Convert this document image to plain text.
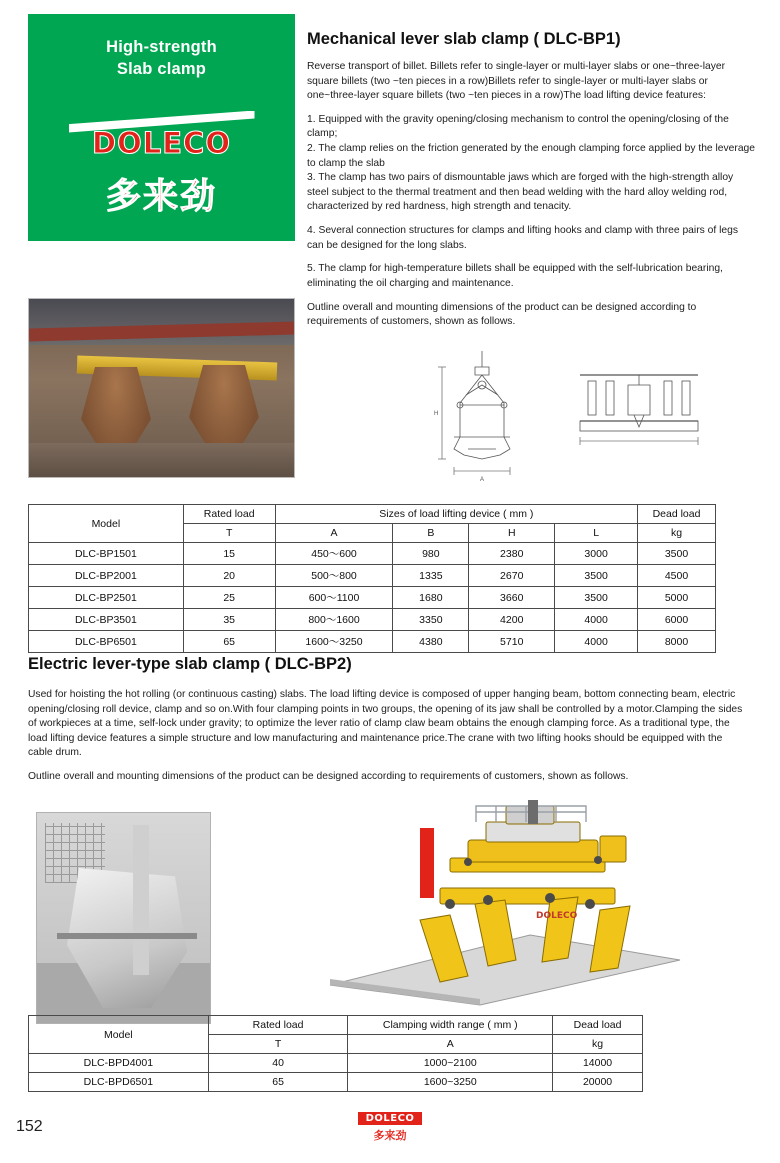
High-strength
Slab clamp
DOLECO
多来劲
Mechanical lever slab clamp ( DLC-BP1)

Reverse transport of billet. Billets refer to single-layer or multi-layer slabs or one~three-layer square billets (two ~ten pieces in a row)Billets refer to single-layer or multi-layer slabs or one~three-layer square billets (two ~ten pieces in a row)The load lifting device features:

1. Equipped with the gravity opening/closing mechanism to control the opening/closing of the clamp;

2. The clamp relies on the friction generated by the enough clamping force applied by the leverage to clamp the slab

3. The clamp has two pairs of dismountable jaws which are forged with the high-strength alloy steel subject to the thermal treatment and then bead welding with the hard alloy welding rod, characterized by red hardness, high strength and tenacity.

4. Several connection structures for clamps and lifting hooks and clamp with three pairs of legs can be designed for the long slabs.

5. The clamp for high-temperature billets shall be equipped with the self-lubrication bearing, eliminating the oil charging and maintenance.

Outline overall and mounting dimensions of the product can be designed according to requirements of customers, shown as follows.

H
A
Model	Rated load	Sizes of load lifting device ( mm )				Dead load
	T	A	B	H	L	kg
DLC-BP1501	15	450～600	980	2380	3000	3500
DLC-BP2001	20	500～800	1335	2670	3500	4500
DLC-BP2501	25	600～1100	1680	3660	3500	5000
DLC-BP3501	35	800～1600	3350	4200	4000	6000
DLC-BP6501	65	1600～3250	4380	5710	4000	8000
Electric lever-type slab clamp ( DLC-BP2)

Used for hoisting the hot rolling (or continuous casting) slabs. The load lifting device is composed of upper hanging beam, bottom connecting beam, electric opening/closing roll device, clamp and so on.With four clamping points in two groups, the opening of its jaw shall be controlled by a motor.Clamping the sides of workpieces at a time, self-lock under gravity; to optimize the lever ratio of clamp claw beam obtains the enough clamping force. As a traditional type, the load lifting device features a simple structure and low manufacturing and maintenance price.The crane with two lifting hooks should be equipped with the cable drum.

Outline overall and mounting dimensions of the product can be designed according to requirements of customers, shown as follows.

DOLECO
Model	Rated load	Clamping width range ( mm )	Dead load
	T	A	kg
DLC-BPD4001	40	1000~2100	14000
DLC-BPD6501	65	1600~3250	20000
152	DOLECO
多来劲
